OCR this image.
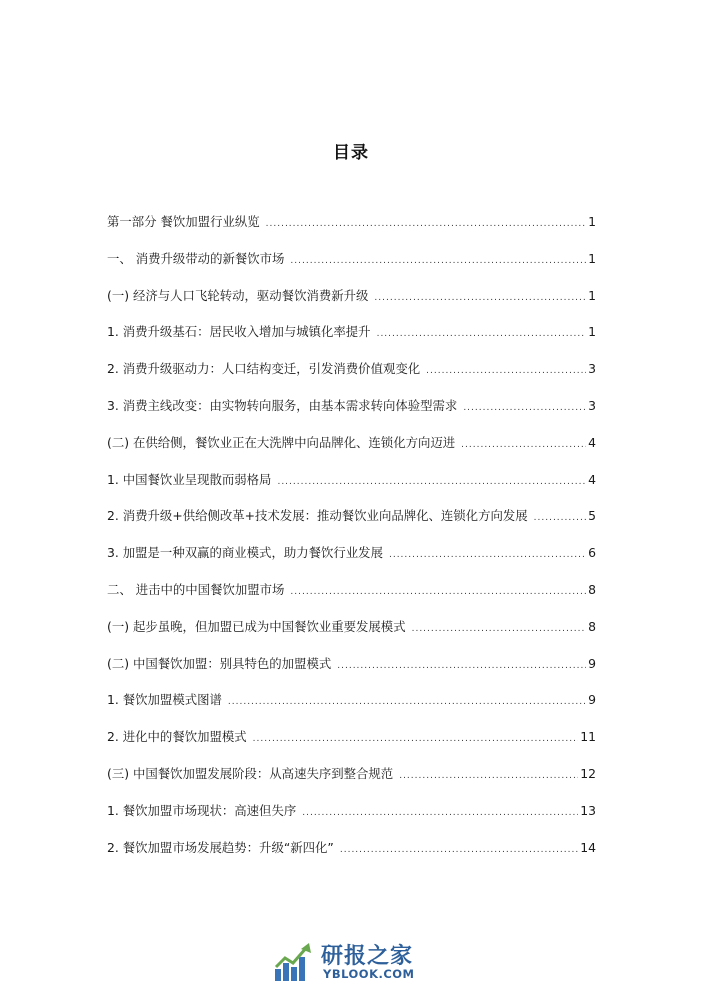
目录
第一部分 餐饮加盟行业纵览 .....	1
一、 消费升级带动的新餐饮市场 .....	1
(一) 经济与人口飞轮转动，驱动餐饮消费新升级 .....	1
1. 消费升级基石：居民收入增加与城镇化率提升 .....	1
2. 消费升级驱动力：人口结构变迁，引发消费价值观变化 .....	3
3. 消费主线改变：由实物转向服务，由基本需求转向体验型需求 .....	3
(二) 在供给侧，餐饮业正在大洗牌中向品牌化、连锁化方向迈进 .....	4
1. 中国餐饮业呈现散而弱格局 .....	4
2. 消费升级+供给侧改革+技术发展：推动餐饮业向品牌化、连锁化方向发展 .....	5
3. 加盟是一种双赢的商业模式，助力餐饮行业发展 .....	6
二、 进击中的中国餐饮加盟市场 .....	8
(一) 起步虽晚，但加盟已成为中国餐饮业重要发展模式 .....	8
(二) 中国餐饮加盟：别具特色的加盟模式 .....	9
1. 餐饮加盟模式图谱 .....	9
2. 进化中的餐饮加盟模式 .....	11
(三) 中国餐饮加盟发展阶段：从高速失序到整合规范 .....	12
1. 餐饮加盟市场现状：高速但失序 .....	13
2. 餐饮加盟市场发展趋势：升级“新四化” .....	14
研报之家
YBLOOK.COM
